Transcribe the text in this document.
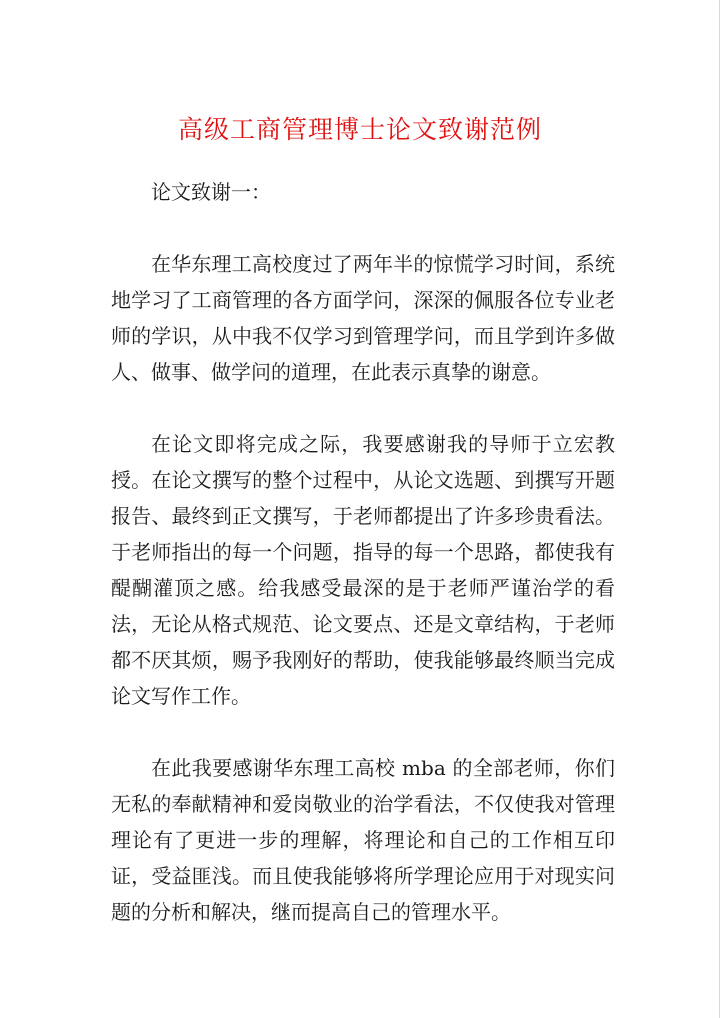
高级工商管理博士论文致谢范例

论文致谢一：

在华东理工高校度过了两年半的惊慌学习时间，系统地学习了工商管理的各方面学问，深深的佩服各位专业老师的学识，从中我不仅学习到管理学问，而且学到许多做人、做事、做学问的道理，在此表示真挚的谢意。

在论文即将完成之际，我要感谢我的导师于立宏教授。在论文撰写的整个过程中，从论文选题、到撰写开题报告、最终到正文撰写，于老师都提出了许多珍贵看法。于老师指出的每一个问题，指导的每一个思路，都使我有醍醐灌顶之感。给我感受最深的是于老师严谨治学的看法，无论从格式规范、论文要点、还是文章结构，于老师都不厌其烦，赐予我刚好的帮助，使我能够最终顺当完成论文写作工作。

在此我要感谢华东理工高校 mba 的全部老师，你们无私的奉献精神和爱岗敬业的治学看法，不仅使我对管理理论有了更进一步的理解，将理论和自己的工作相互印证，受益匪浅。而且使我能够将所学理论应用于对现实问题的分析和解决，继而提高自己的管理水平。
